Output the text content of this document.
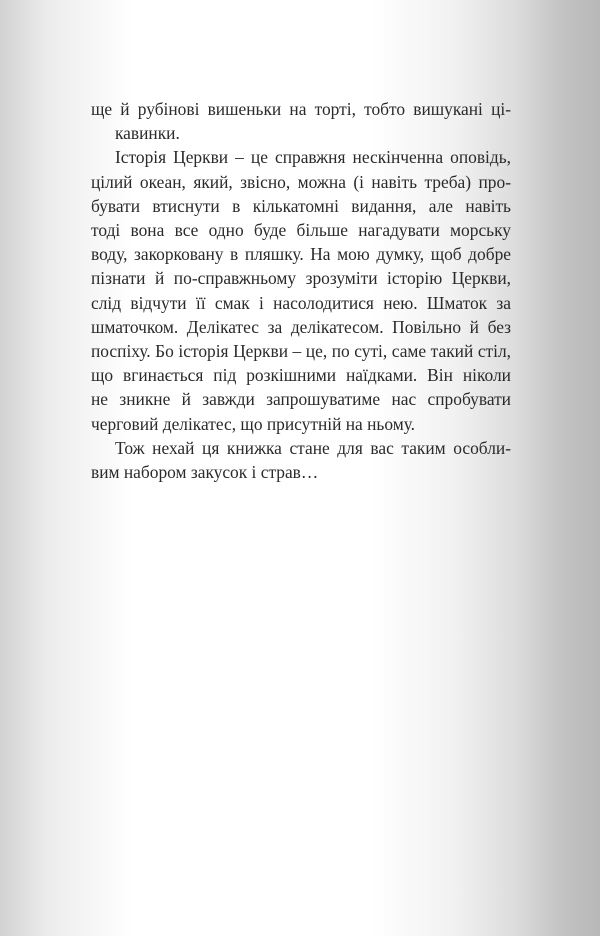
ще й рубінові вишеньки на торті, тобто вишукані ці-
кавинки.

Історія Церкви – це справжня нескінченна оповідь,
цілий океан, який, звісно, можна (і навіть треба) про-
бувати втиснути в кількатомні видання, але навіть
тоді вона все одно буде більше нагадувати морську
воду, закорковану в пляшку. На мою думку, щоб добре
пізнати й по-справжньому зрозуміти історію Церкви,
слід відчути її смак і насолодитися нею. Шматок за
шматочком. Делікатес за делікатесом. Повільно й без
поспіху. Бо історія Церкви – це, по суті, саме такий стіл,
що вгинається під розкішними наїдками. Він ніколи
не зникне й завжди запрошуватиме нас спробувати
черговий делікатес, що присутній на ньому.

Тож нехай ця книжка стане для вас таким особли-
вим набором закусок і страв…
